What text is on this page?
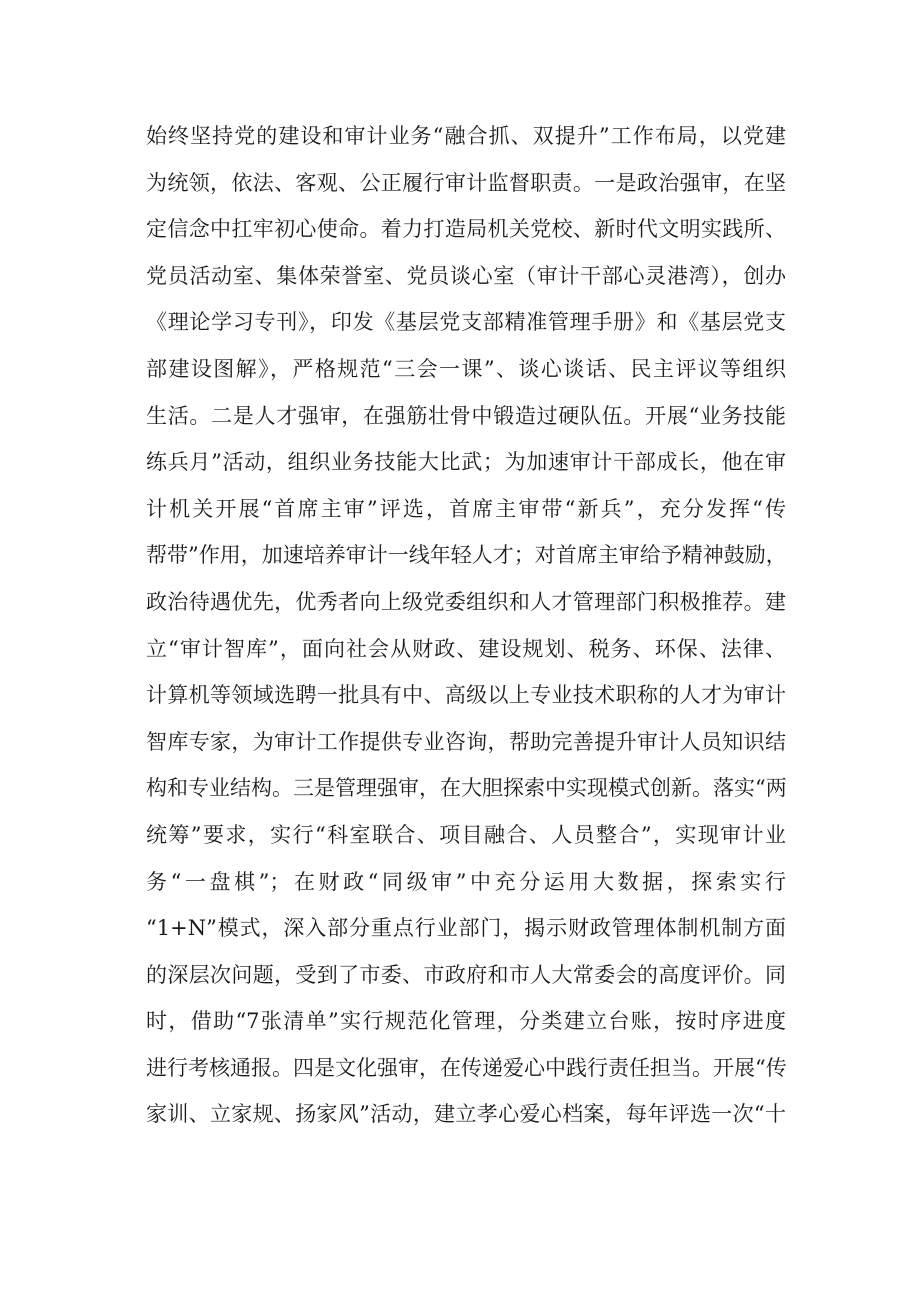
始终坚持党的建设和审计业务“融合抓、双提升”工作布局，以党建
为统领，依法、客观、公正履行审计监督职责。一是政治强审，在坚
定信念中扛牢初心使命。着力打造局机关党校、新时代文明实践所、
党员活动室、集体荣誉室、党员谈心室（审计干部心灵港湾），创办
《理论学习专刊》，印发《基层党支部精准管理手册》和《基层党支
部建设图解》，严格规范“三会一课”、谈心谈话、民主评议等组织
生活。二是人才强审，在强筋壮骨中锻造过硬队伍。开展“业务技能
练兵月”活动，组织业务技能大比武；为加速审计干部成长，他在审
计机关开展“首席主审”评选，首席主审带“新兵”，充分发挥“传
帮带”作用，加速培养审计一线年轻人才；对首席主审给予精神鼓励，
政治待遇优先，优秀者向上级党委组织和人才管理部门积极推荐。建
立“审计智库”，面向社会从财政、建设规划、税务、环保、法律、
计算机等领域选聘一批具有中、高级以上专业技术职称的人才为审计
智库专家，为审计工作提供专业咨询，帮助完善提升审计人员知识结
构和专业结构。三是管理强审，在大胆探索中实现模式创新。落实“两
统筹”要求，实行“科室联合、项目融合、人员整合”，实现审计业
务“一盘棋”；在财政“同级审”中充分运用大数据，探索实行
“1+N”模式，深入部分重点行业部门，揭示财政管理体制机制方面
的深层次问题，受到了市委、市政府和市人大常委会的高度评价。同
时，借助“7张清单”实行规范化管理，分类建立台账，按时序进度
进行考核通报。四是文化强审，在传递爱心中践行责任担当。开展“传
家训、立家规、扬家风”活动，建立孝心爱心档案，每年评选一次“十
